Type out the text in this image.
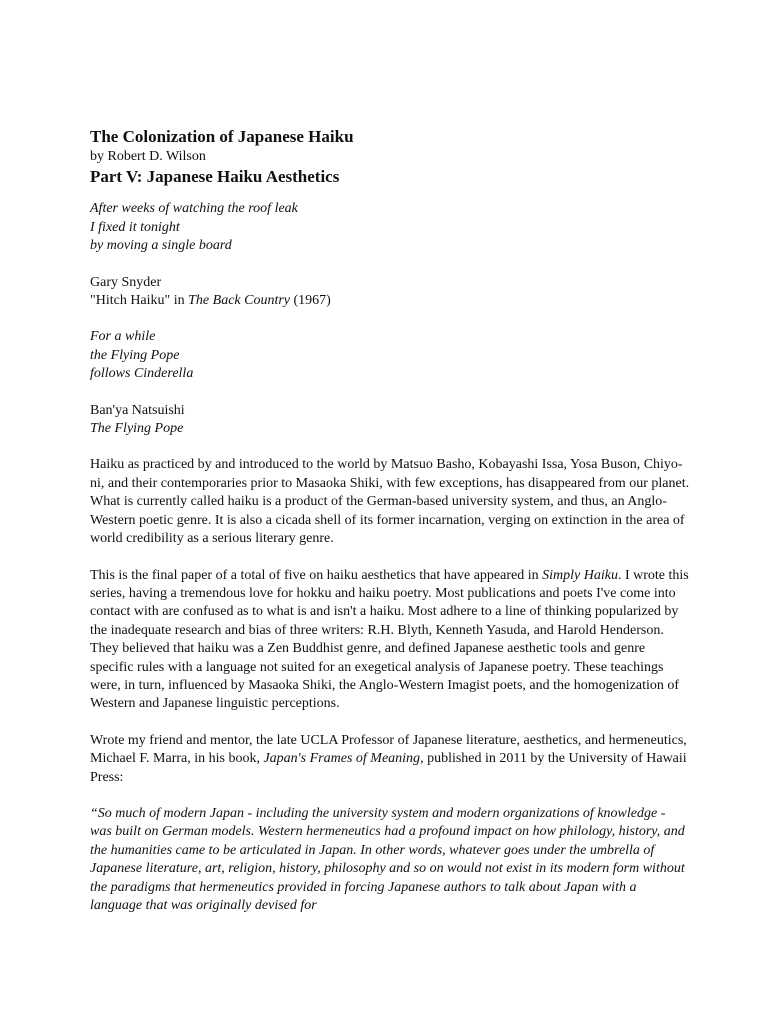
The Colonization of Japanese Haiku

by Robert D. Wilson

Part V: Japanese Haiku Aesthetics

After weeks of watching the roof leak
I fixed it tonight
by moving a single board
Gary Snyder
"Hitch Haiku" in The Back Country (1967)
For a while
the Flying Pope
follows Cinderella
Ban'ya Natsuishi
The Flying Pope

Haiku as practiced by and introduced to the world by Matsuo Basho, Kobayashi Issa, Yosa Buson, Chiyo-ni, and their contemporaries prior to Masaoka Shiki, with few exceptions, has disappeared from our planet. What is currently called haiku is a product of the German-based university system, and thus, an Anglo-Western poetic genre. It is also a cicada shell of its former incarnation, verging on extinction in the area of world credibility as a serious literary genre.

This is the final paper of a total of five on haiku aesthetics that have appeared in Simply Haiku. I wrote this series, having a tremendous love for hokku and haiku poetry. Most publications and poets I've come into contact with are confused as to what is and isn't a haiku. Most adhere to a line of thinking popularized by the inadequate research and bias of three writers: R.H. Blyth, Kenneth Yasuda, and Harold Henderson. They believed that haiku was a Zen Buddhist genre, and defined Japanese aesthetic tools and genre specific rules with a language not suited for an exegetical analysis of Japanese poetry. These teachings were, in turn, influenced by Masaoka Shiki, the Anglo-Western Imagist poets, and the homogenization of Western and Japanese linguistic perceptions.

Wrote my friend and mentor, the late UCLA Professor of Japanese literature, aesthetics, and hermeneutics, Michael F. Marra, in his book, Japan's Frames of Meaning, published in 2011 by the University of Hawaii Press:

“So much of modern Japan - including the university system and modern organizations of knowledge - was built on German models. Western hermeneutics had a profound impact on how philology, history, and the humanities came to be articulated in Japan. In other words, whatever goes under the umbrella of Japanese literature, art, religion, history, philosophy and so on would not exist in its modern form without the paradigms that hermeneutics provided in forcing Japanese authors to talk about Japan with a language that was originally devised for
